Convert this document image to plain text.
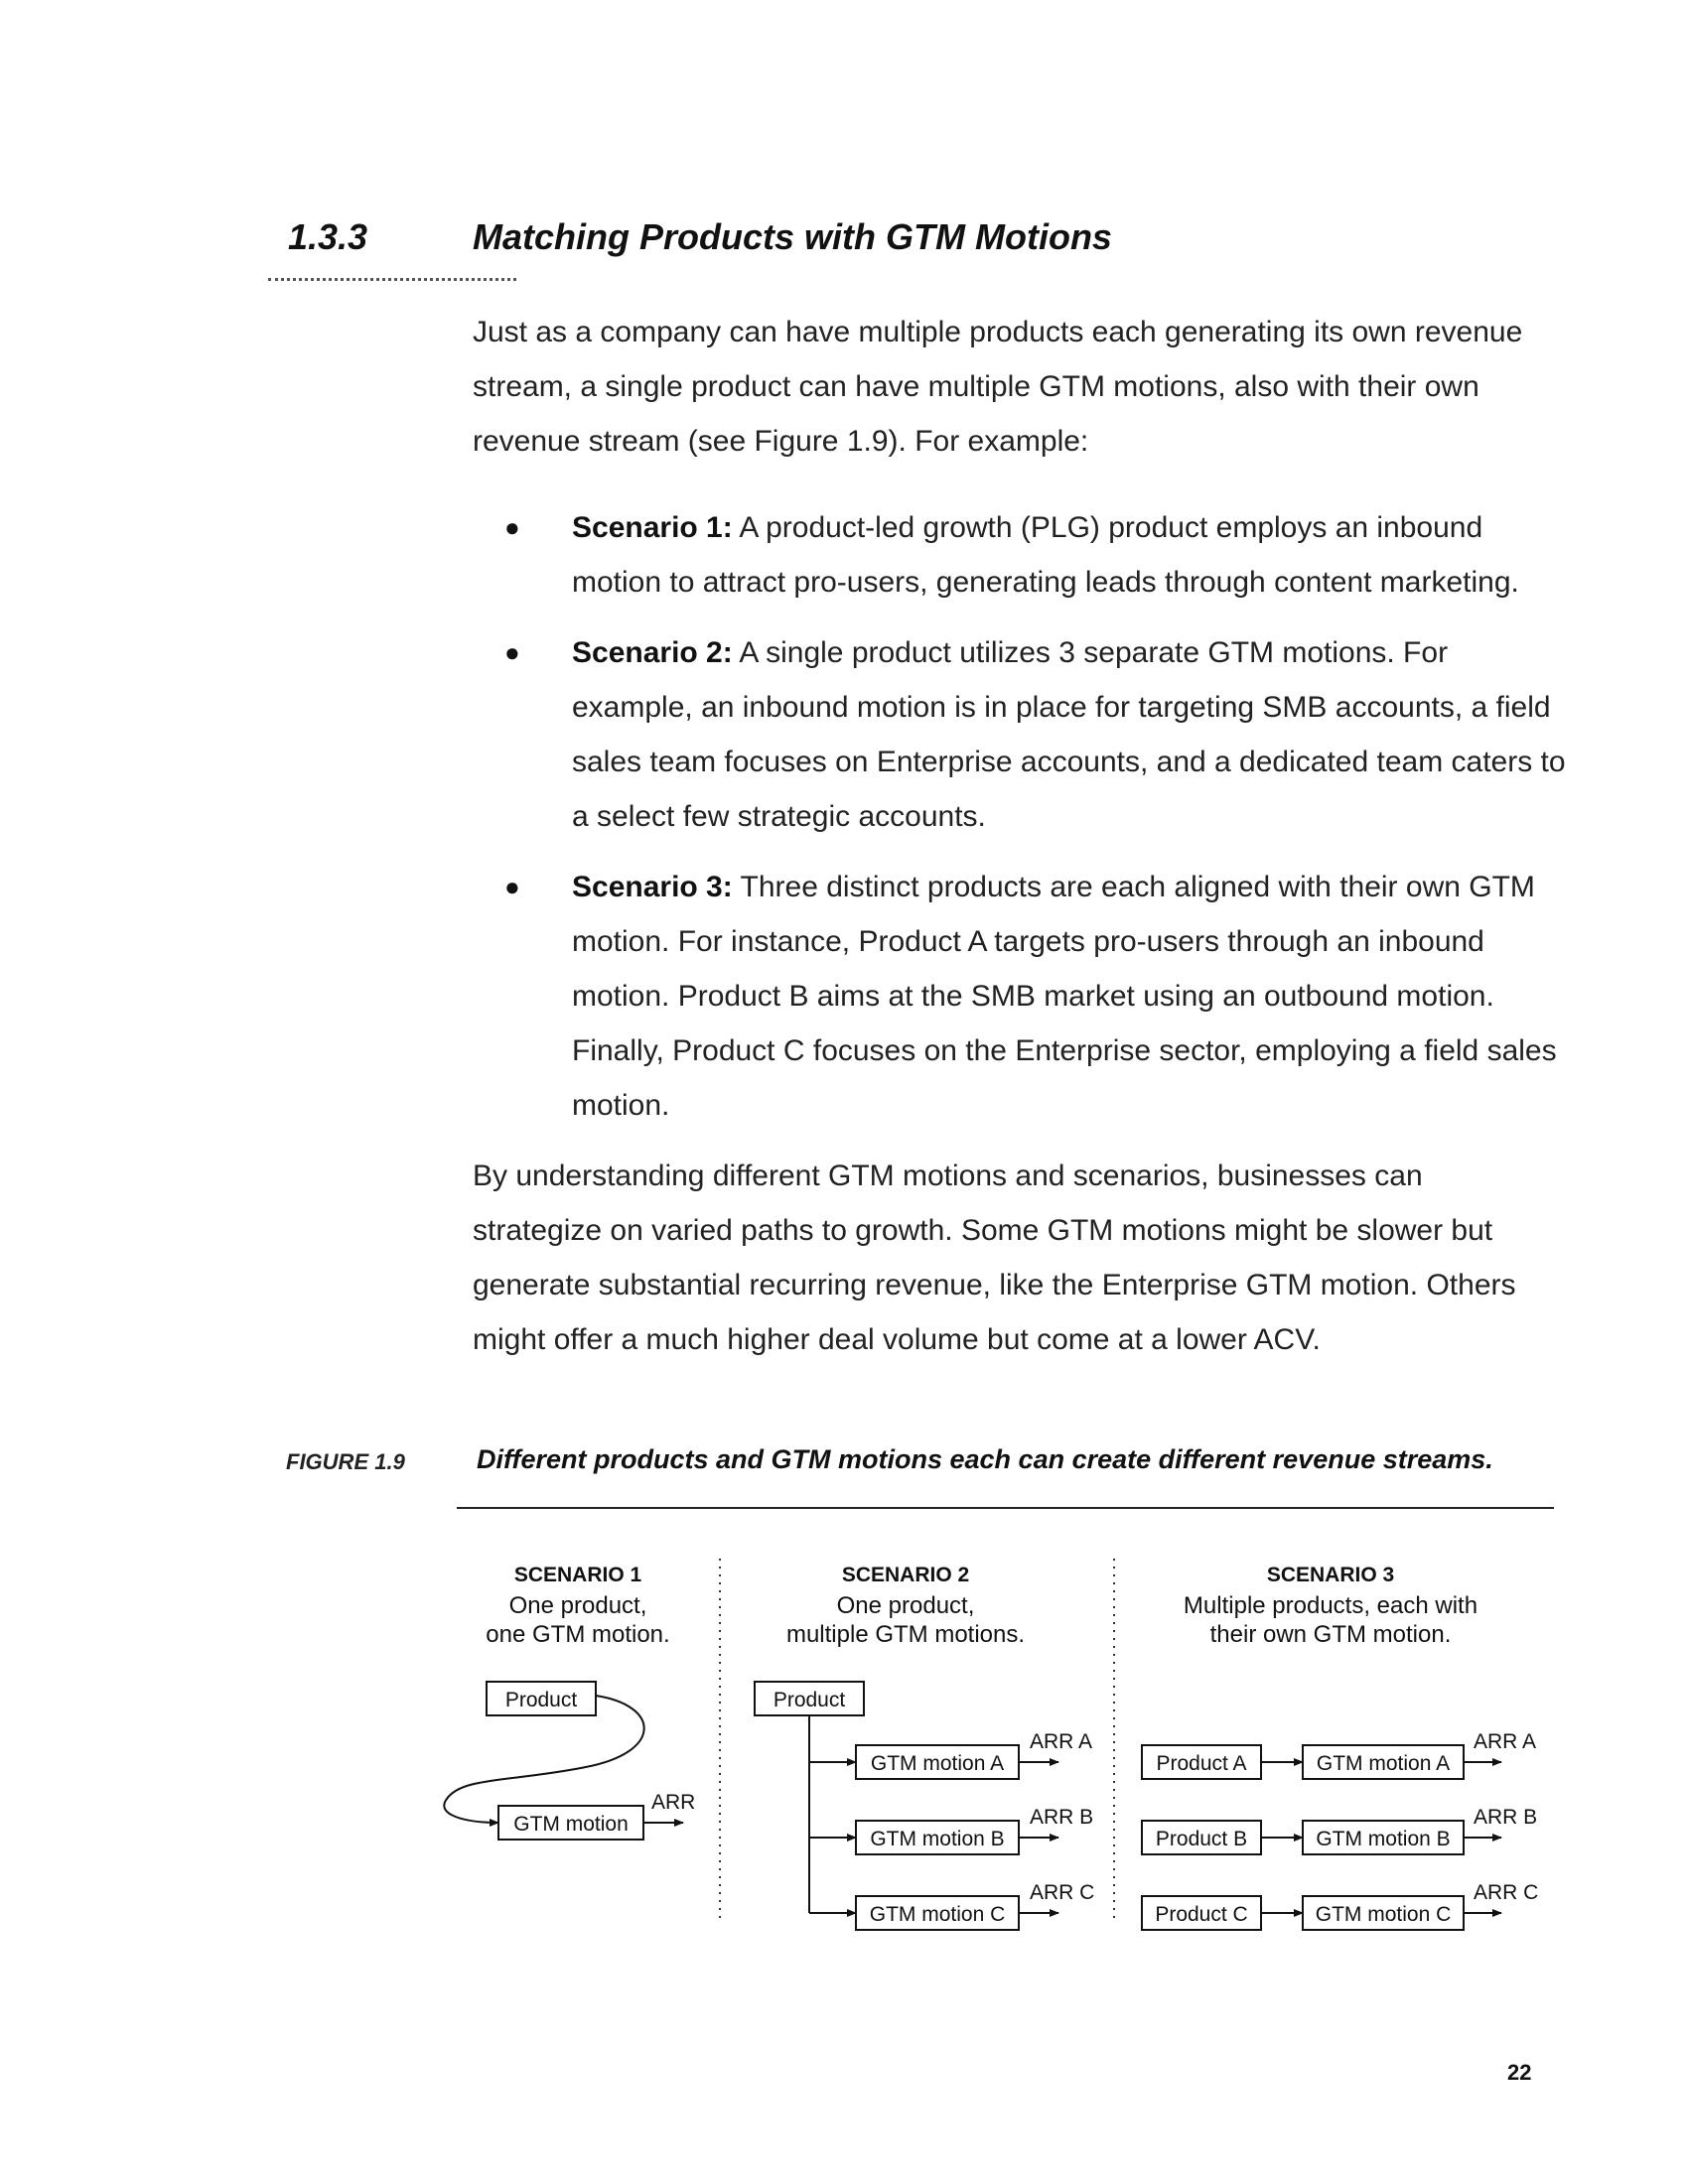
1.3.3	Matching Products with GTM Motions

Just as a company can have multiple products each generating its own revenue stream, a single product can have multiple GTM motions, also with their own revenue stream (see Figure 1.9). For example:

● Scenario 1: A product-led growth (PLG) product employs an inbound motion to attract pro-users, generating leads through content marketing.
● Scenario 2: A single product utilizes 3 separate GTM motions. For example, an inbound motion is in place for targeting SMB accounts, a field sales team focuses on Enterprise accounts, and a dedicated team caters to a select few strategic accounts.
● Scenario 3: Three distinct products are each aligned with their own GTM motion. For instance, Product A targets pro-users through an inbound motion. Product B aims at the SMB market using an outbound motion. Finally, Product C focuses on the Enterprise sector, employing a field sales motion.

By understanding different GTM motions and scenarios, businesses can strategize on varied paths to growth. Some GTM motions might be slower but generate substantial recurring revenue, like the Enterprise GTM motion. Others might offer a much higher deal volume but come at a lower ACV.

FIGURE 1.9	Different products and GTM motions each can create different revenue streams.
SCENARIO 1
One product,
one GTM motion.
Product
GTM motion
ARR
SCENARIO 2
One product,
multiple GTM motions.
Product
GTM motion A
GTM motion B
GTM motion C
ARR A
ARR B
ARR C
SCENARIO 3
Multiple products, each with
their own GTM motion.
Product A
Product B
Product C
GTM motion A
GTM motion B
GTM motion C
ARR A
ARR B
ARR C
22
